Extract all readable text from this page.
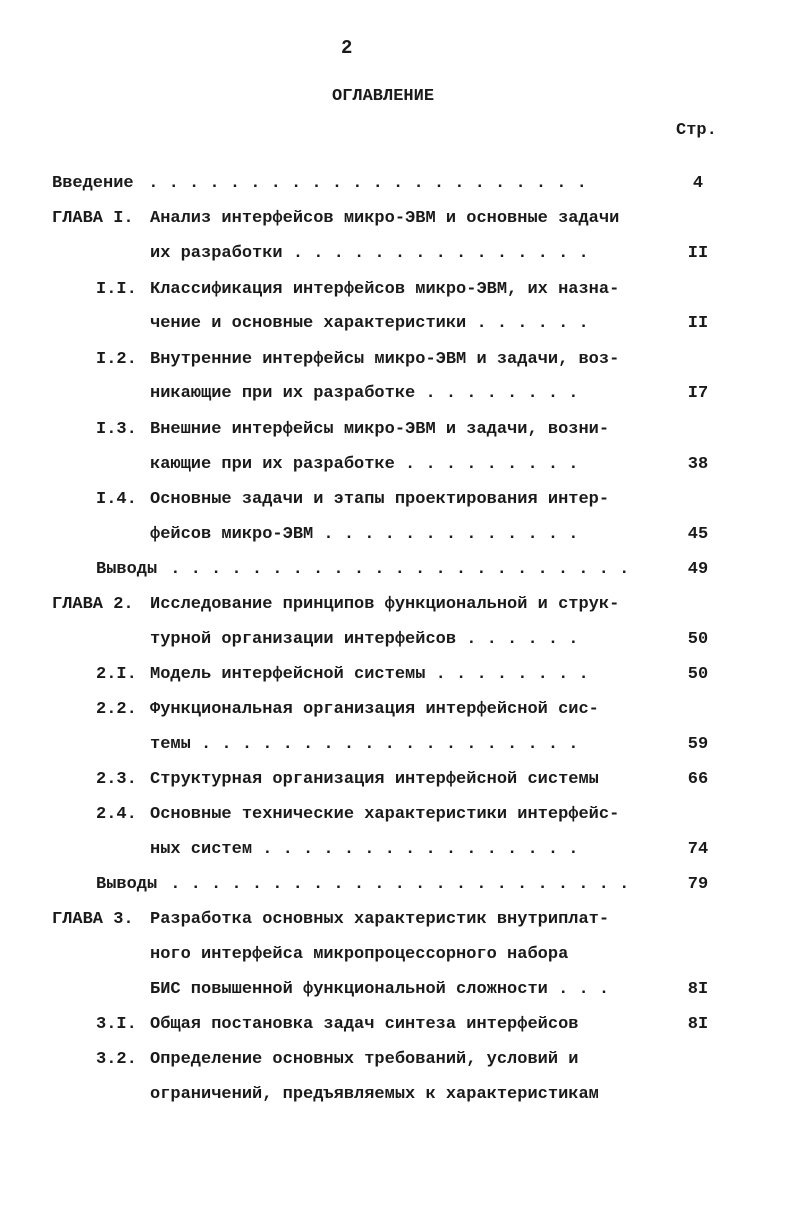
2
ОГЛАВЛЕНИЕ
Стр.
Введение . . . . . . . . . . . . . . . . . . . . . .	4
ГЛАВА I. Анализ интерфейсов микро-ЭВМ и основные задачи
их разработки . . . . . . . . . . . . . . .	II
I.I. Классификация интерфейсов микро-ЭВМ, их назна-
чение и основные характеристики . . . . . .	II
I.2. Внутренние интерфейсы микро-ЭВМ и задачи, воз-
никающие при их разработке . . . . . . . .	I7
I.3. Внешние интерфейсы микро-ЭВМ и задачи, возни-
кающие при их разработке . . . . . . . . .	38
I.4. Основные задачи и этапы проектирования интер-
фейсов микро-ЭВМ . . . . . . . . . . . . .	45
Выводы . . . . . . . . . . . . . . . . . . . . . . .	49
ГЛАВА 2. Исследование принципов функциональной и струк-
турной организации интерфейсов . . . . . .	50
2.I. Модель интерфейсной системы . . . . . . . .	50
2.2. Функциональная организация интерфейсной сис-
темы . . . . . . . . . . . . . . . . . . .	59
2.3. Структурная организация интерфейсной системы	66
2.4. Основные технические характеристики интерфейс-
ных систем . . . . . . . . . . . . . . . .	74
Выводы . . . . . . . . . . . . . . . . . . . . . . .	79
ГЛАВА 3. Разработка основных характеристик внутриплат-
ного интерфейса микропроцессорного набора
БИС повышенной функциональной сложности . . .	8I
3.I. Общая постановка задач синтеза интерфейсов	8I
3.2. Определение основных требований, условий и
ограничений, предъявляемых к характеристикам
